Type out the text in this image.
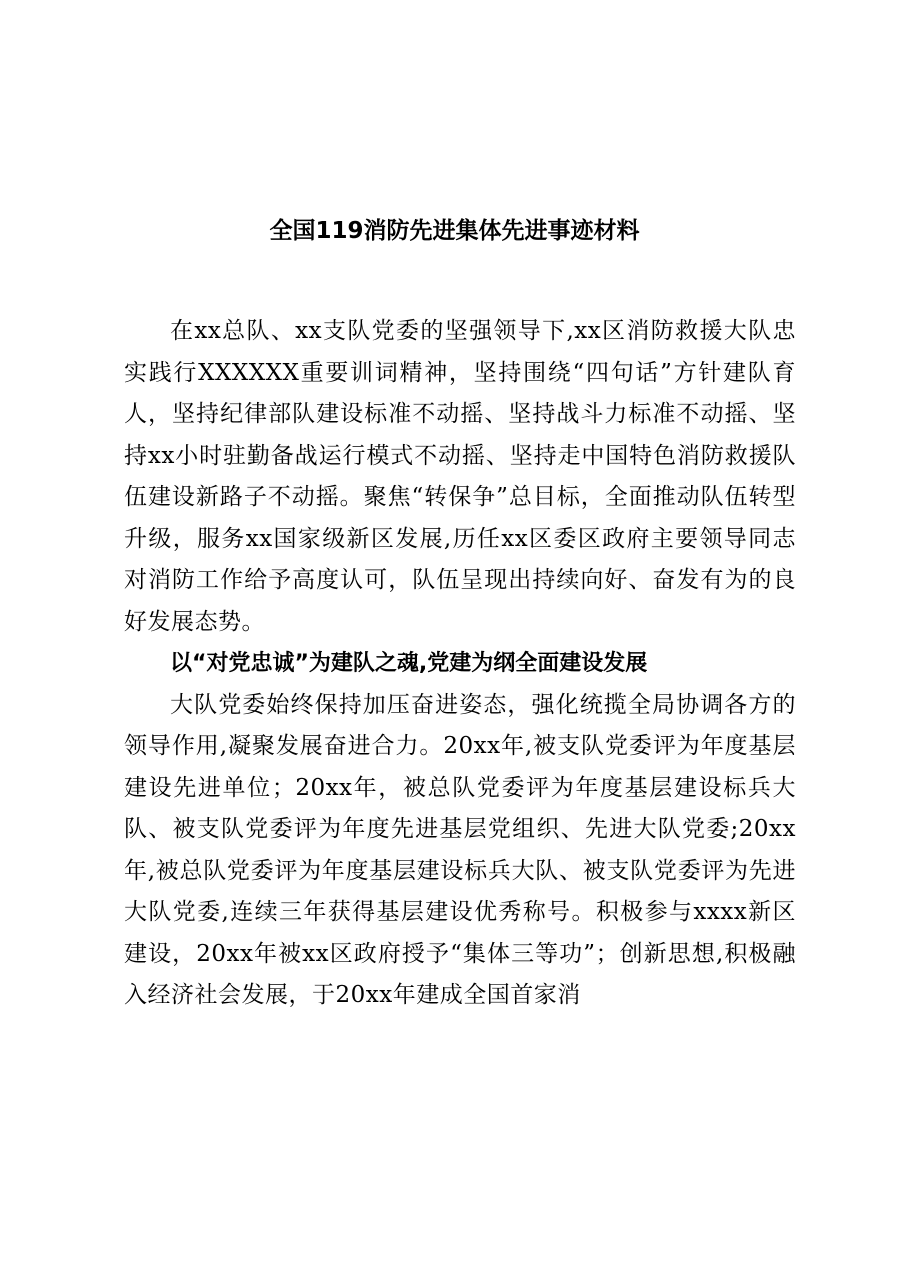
全国119消防先进集体先进事迹材料

在xx总队、xx支队党委的坚强领导下,xx区消防救援大队忠实践行XXXXXX重要训词精神，坚持围绕“四句话”方针建队育人，坚持纪律部队建设标准不动摇、坚持战斗力标准不动摇、坚持xx小时驻勤备战运行模式不动摇、坚持走中国特色消防救援队伍建设新路子不动摇。聚焦“转保争”总目标，全面推动队伍转型升级，服务xx国家级新区发展,历任xx区委区政府主要领导同志对消防工作给予高度认可，队伍呈现出持续向好、奋发有为的良好发展态势。

以“对党忠诚”为建队之魂,党建为纲全面建设发展

大队党委始终保持加压奋进姿态，强化统揽全局协调各方的领导作用,凝聚发展奋进合力。20xx年,被支队党委评为年度基层建设先进单位；20xx年，被总队党委评为年度基层建设标兵大队、被支队党委评为年度先进基层党组织、先进大队党委;20xx年,被总队党委评为年度基层建设标兵大队、被支队党委评为先进大队党委,连续三年获得基层建设优秀称号。积极参与xxxx新区建设，20xx年被xx区政府授予“集体三等功”；创新思想,积极融入经济社会发展，于20xx年建成全国首家消
